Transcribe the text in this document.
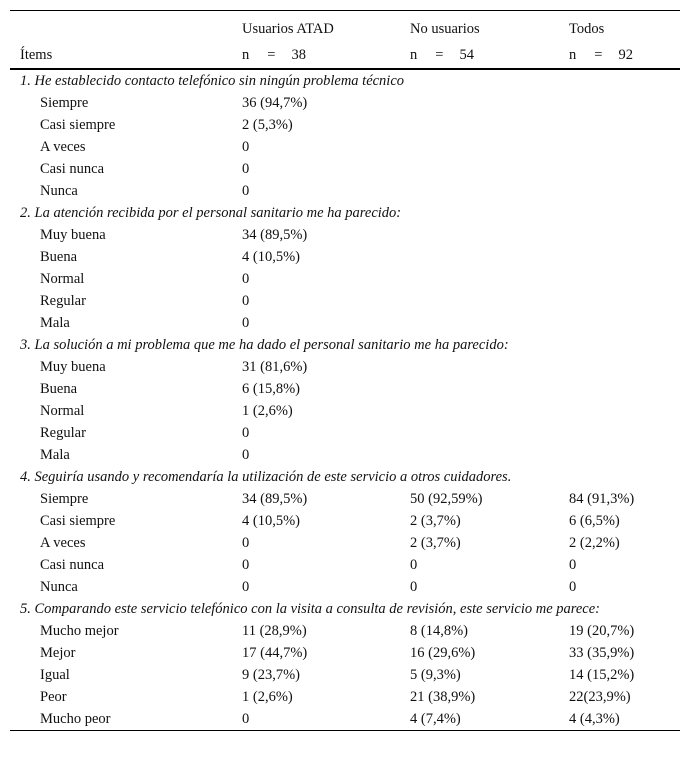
	Usuarios ATAD	No usuarios	Todos
Ítems	n = 38	n = 54	n = 92
1. He establecido contacto telefónico sin ningún problema técnico			
Siempre	36 (94,7%)		
Casi siempre	2 (5,3%)		
A veces	0		
Casi nunca	0		
Nunca	0		
2. La atención recibida por el personal sanitario me ha parecido:			
Muy buena	34 (89,5%)		
Buena	4 (10,5%)		
Normal	0		
Regular	0		
Mala	0		
3. La solución a mi problema que me ha dado el personal sanitario me ha parecido:			
Muy buena	31 (81,6%)		
Buena	6 (15,8%)		
Normal	1 (2,6%)		
Regular	0		
Mala	0		
4. Seguiría usando y recomendaría la utilización de este servicio a otros cuidadores.			
Siempre	34 (89,5%)	50 (92,59%)	84 (91,3%)
Casi siempre	4 (10,5%)	2 (3,7%)	6 (6,5%)
A veces	0	2 (3,7%)	2 (2,2%)
Casi nunca	0	0	0
Nunca	0	0	0
5. Comparando este servicio telefónico con la visita a consulta de revisión, este servicio me parece:			
Mucho mejor	11 (28,9%)	8 (14,8%)	19 (20,7%)
Mejor	17 (44,7%)	16 (29,6%)	33 (35,9%)
Igual	9 (23,7%)	5 (9,3%)	14 (15,2%)
Peor	1 (2,6%)	21 (38,9%)	22(23,9%)
Mucho peor	0	4 (7,4%)	4 (4,3%)
